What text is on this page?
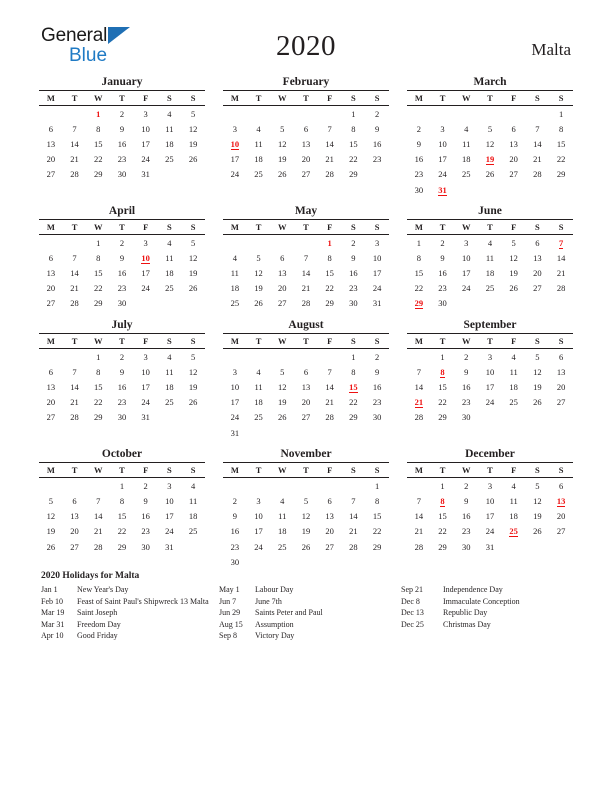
General
Blue	2020	Malta
January
M	T	W	T	F	S	S
		1	2	3	4	5
6	7	8	9	10	11	12
13	14	15	16	17	18	19
20	21	22	23	24	25	26
27	28	29	30	31		
February
M	T	W	T	F	S	S
					1	2
3	4	5	6	7	8	9
10	11	12	13	14	15	16
17	18	19	20	21	22	23
24	25	26	27	28	29	
March
M	T	W	T	F	S	S
						1
2	3	4	5	6	7	8
9	10	11	12	13	14	15
16	17	18	19	20	21	22
23	24	25	26	27	28	29
30	31					
April
M	T	W	T	F	S	S
		1	2	3	4	5
6	7	8	9	10	11	12
13	14	15	16	17	18	19
20	21	22	23	24	25	26
27	28	29	30			
May
M	T	W	T	F	S	S
				1	2	3
4	5	6	7	8	9	10
11	12	13	14	15	16	17
18	19	20	21	22	23	24
25	26	27	28	29	30	31
June
M	T	W	T	F	S	S
1	2	3	4	5	6	7
8	9	10	11	12	13	14
15	16	17	18	19	20	21
22	23	24	25	26	27	28
29	30					
July
M	T	W	T	F	S	S
		1	2	3	4	5
6	7	8	9	10	11	12
13	14	15	16	17	18	19
20	21	22	23	24	25	26
27	28	29	30	31		
August
M	T	W	T	F	S	S
					1	2
3	4	5	6	7	8	9
10	11	12	13	14	15	16
17	18	19	20	21	22	23
24	25	26	27	28	29	30
31						
September
M	T	W	T	F	S	S
	1	2	3	4	5	6
7	8	9	10	11	12	13
14	15	16	17	18	19	20
21	22	23	24	25	26	27
28	29	30				
October
M	T	W	T	F	S	S
			1	2	3	4
5	6	7	8	9	10	11
12	13	14	15	16	17	18
19	20	21	22	23	24	25
26	27	28	29	30	31	
November
M	T	W	T	F	S	S
						1
2	3	4	5	6	7	8
9	10	11	12	13	14	15
16	17	18	19	20	21	22
23	24	25	26	27	28	29
30						
December
M	T	W	T	F	S	S
	1	2	3	4	5	6
7	8	9	10	11	12	13
14	15	16	17	18	19	20
21	22	23	24	25	26	27
28	29	30	31			
2020 Holidays for Malta
Jan 1	New Year's Day
Feb 10	Feast of Saint Paul's Shipwreck 13 Malta
Mar 19	Saint Joseph
Mar 31	Freedom Day
Apr 10	Good Friday
May 1	Labour Day
Jun 7	June 7th
Jun 29	Saints Peter and Paul
Aug 15	Assumption
Sep 8	Victory Day
Sep 21	Independence Day
Dec 8	Immaculate Conception
Dec 13	Republic Day
Dec 25	Christmas Day
